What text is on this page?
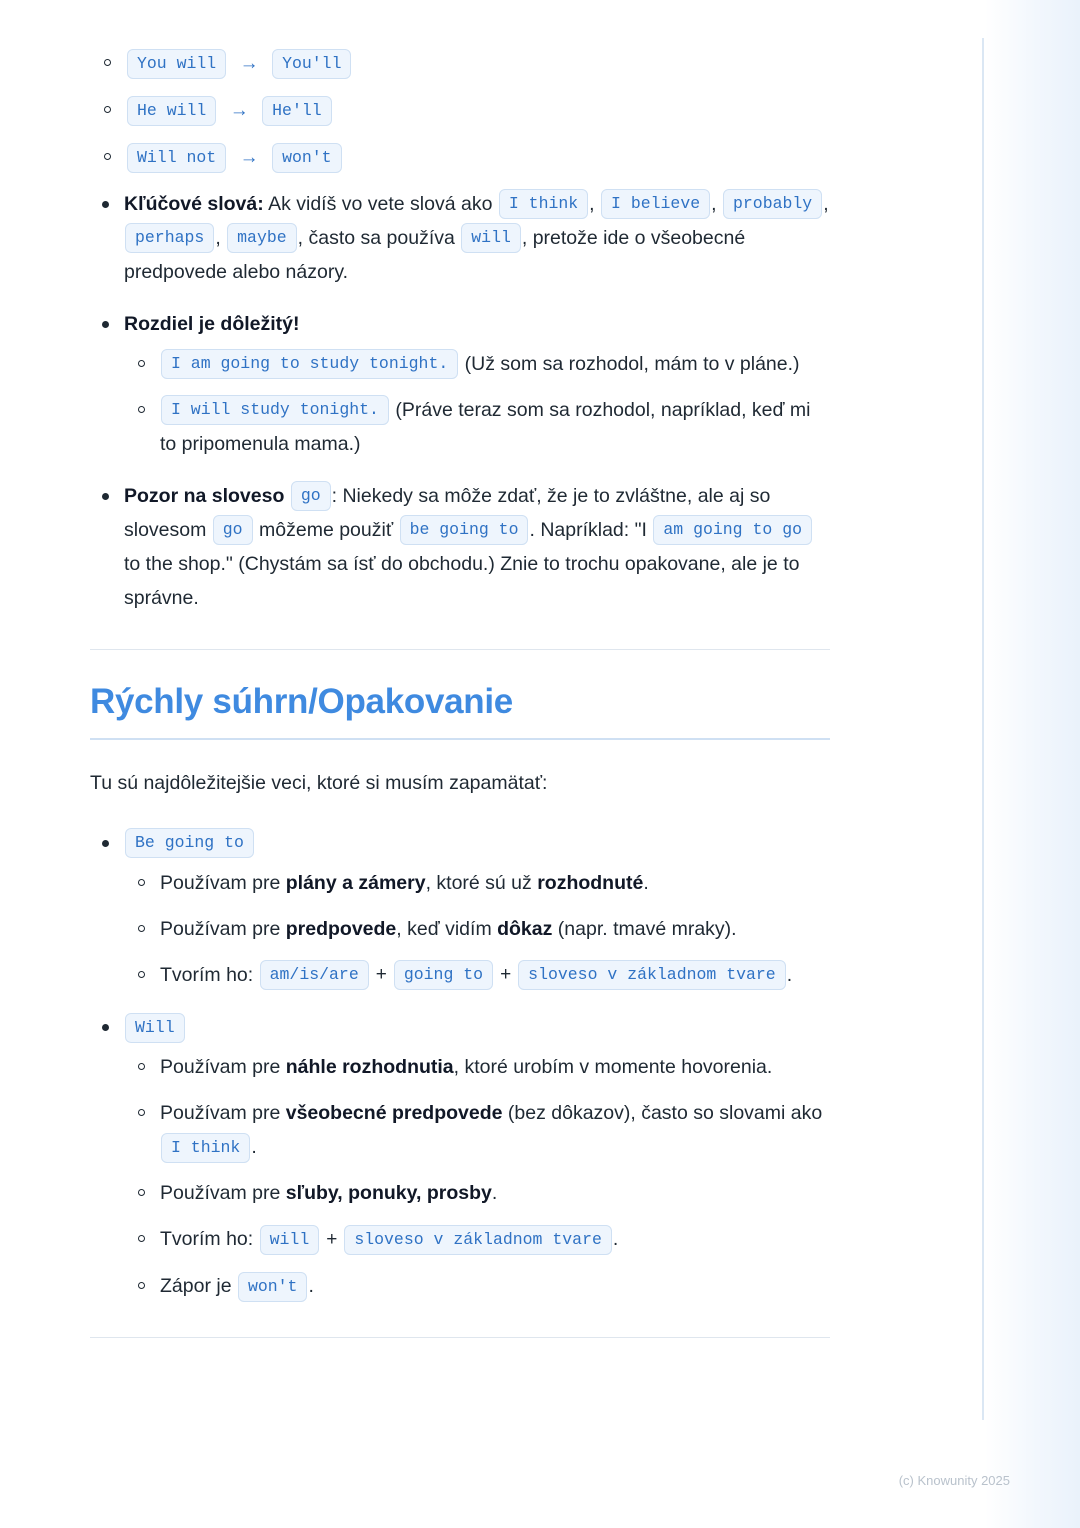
You will → You'll
He will → He'll
Will not → won't
Kľúčové slová: Ak vidíš vo vete slová ako I think , I believe , probably , perhaps , maybe , často sa používa will , pretože ide o všeobecné predpovede alebo názory.
Rozdiel je dôležitý!
I am going to study tonight. (Už som sa rozhodol, mám to v pláne.)
I will study tonight. (Práve teraz som sa rozhodol, napríklad, keď mi to pripomenula mama.)
Pozor na sloveso go : Niekedy sa môže zdať, že je to zvláštne, ale aj so slovesom go môžeme použiť be going to . Napríklad: "I am going to go to the shop." (Chystám sa ísť do obchodu.) Znie to trochu opakovane, ale je to správne.
Rýchly súhrn/Opakovanie

Tu sú najdôležitejšie veci, ktoré si musím zapamätať:

Be going to
Používam pre plány a zámery, ktoré sú už rozhodnuté.
Používam pre predpovede, keď vidím dôkaz (napr. tmavé mraky).
Tvorím ho: am/is/are + going to + sloveso v základnom tvare .
Will
Používam pre náhle rozhodnutia, ktoré urobím v momente hovorenia.
Používam pre všeobecné predpovede (bez dôkazov), často so slovami ako I think .
Používam pre sľuby, ponuky, prosby.
Tvorím ho: will + sloveso v základnom tvare .
Zápor je won't .
(c) Knowunity 2025
